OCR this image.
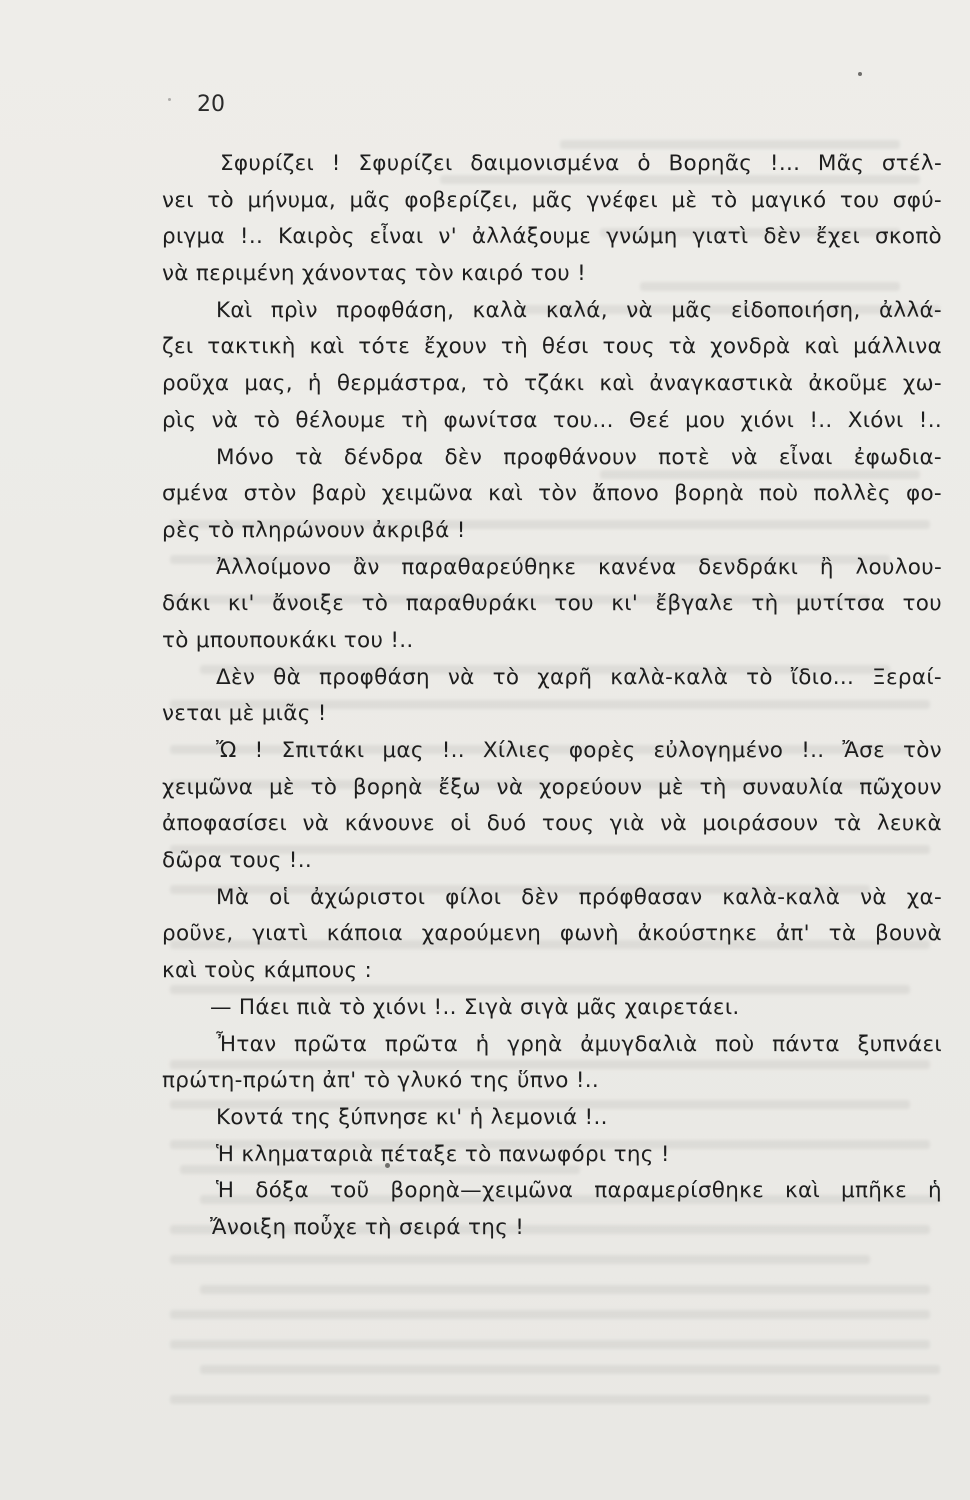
20
Σφυρίζει ! Σφυρίζει δαιμονισμένα ὁ Βορηᾶς !... Μᾶς στέλ-
νει τὸ μήνυμα, μᾶς φοβερίζει, μᾶς γνέφει μὲ τὸ μαγικό του σφύ-
ριγμα !.. Καιρὸς εἶναι ν' ἀλλάξουμε γνώμη γιατὶ δὲν ἔχει σκοπὸ
νὰ περιμένη χάνοντας τὸν καιρό του !
Καὶ πρὶν προφθάση, καλὰ καλά, νὰ μᾶς εἰδοποιήση, ἀλλά-
ζει τακτικὴ καὶ τότε ἔχουν τὴ θέσι τους τὰ χονδρὰ καὶ μάλλινα
ροῦχα μας, ἡ θερμάστρα, τὸ τζάκι καὶ ἀναγκαστικὰ ἀκοῦμε χω-
ρὶς νὰ τὸ θέλουμε τὴ φωνίτσα του... Θεέ μου χιόνι !.. Χιόνι !..
Μόνο τὰ δένδρα δὲν προφθάνουν ποτὲ νὰ εἶναι ἐφωδια-
σμένα στὸν βαρὺ χειμῶνα καὶ τὸν ἄπονο βορηὰ ποὺ πολλὲς φο-
ρὲς τὸ πληρώνουν ἀκριβά !
Ἀλλοίμονο ἂν παραθαρεύθηκε κανένα δενδράκι ἢ λουλου-
δάκι κι' ἄνοιξε τὸ παραθυράκι του κι' ἔβγαλε τὴ μυτίτσα του
τὸ μπουπουκάκι του !..
Δὲν θὰ προφθάση νὰ τὸ χαρῆ καλὰ-καλὰ τὸ ἴδιο... Ξεραί-
νεται μὲ μιᾶς !
Ὤ ! Σπιτάκι μας !.. Χίλιες φορὲς εὐλογημένο !.. Ἄσε τὸν
χειμῶνα μὲ τὸ βορηὰ ἔξω νὰ χορεύουν μὲ τὴ συναυλία πῶχουν
ἀποφασίσει νὰ κάνουνε οἱ δυό τους γιὰ νὰ μοιράσουν τὰ λευκὰ
δῶρα τους !..
Μὰ οἱ ἀχώριστοι φίλοι δὲν πρόφθασαν καλὰ-καλὰ νὰ χα-
ροῦνε, γιατὶ κάποια χαρούμενη φωνὴ ἀκούστηκε ἀπ' τὰ βουνὰ
καὶ τοὺς κάμπους :
— Πάει πιὰ τὸ χιόνι !.. Σιγὰ σιγὰ μᾶς χαιρετάει.
Ἦταν πρῶτα πρῶτα ἡ γρηὰ ἀμυγδαλιὰ ποὺ πάντα ξυπνάει
πρώτη-πρώτη ἀπ' τὸ γλυκό της ὕπνο !..
Κοντά της ξύπνησε κι' ἡ λεμονιά !..
Ἡ κληματαριὰ πέταξε τὸ πανωφόρι της !
Ἡ δόξα τοῦ βορηὰ—χειμῶνα παραμερίσθηκε καὶ μπῆκε ἡ
Ἄνοιξη ποὖχε τὴ σειρά της !
